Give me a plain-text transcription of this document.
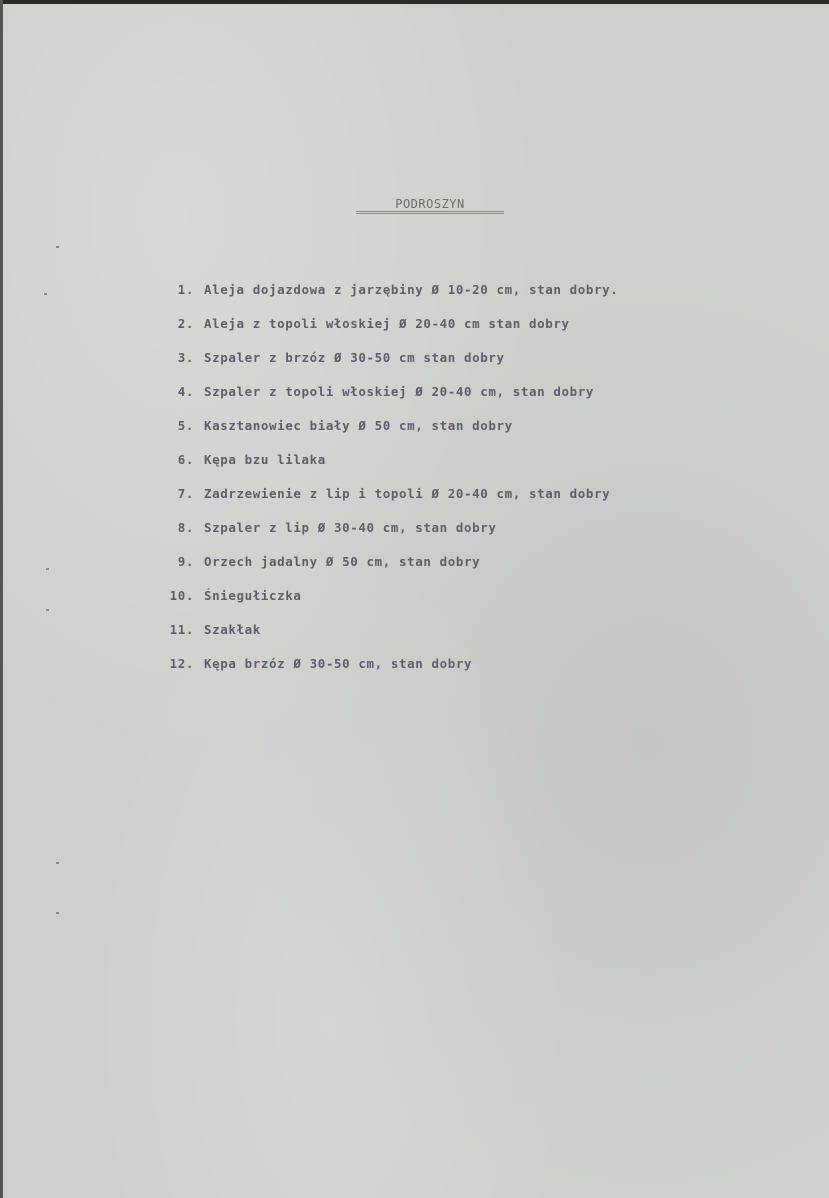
PODROSZYN
1. Aleja dojazdowa z jarzębiny Ø 10-20 cm, stan dobry.
2. Aleja z topoli włoskiej Ø 20-40 cm stan dobry
3. Szpaler z brzóz Ø 30-50 cm stan dobry
4. Szpaler z topoli włoskiej Ø 20-40 cm, stan dobry
5. Kasztanowiec biały Ø 50 cm, stan dobry
6. Kępa bzu lilaka
7. Zadrzewienie z lip i topoli Ø 20-40 cm, stan dobry
8. Szpaler z lip Ø 30-40 cm, stan dobry
9. Orzech jadalny Ø 50 cm, stan dobry
10. Śniegułiczka
11. Szakłak
12. Kępa brzóz Ø 30-50 cm, stan dobry
